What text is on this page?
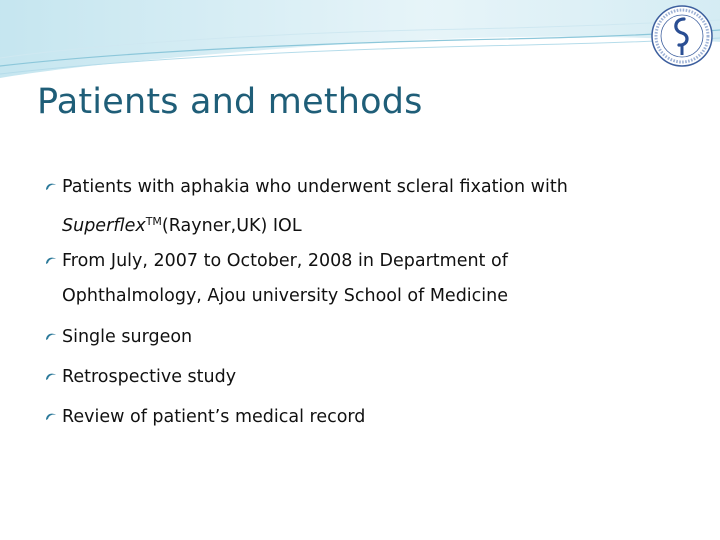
Patients and methods
Patients with aphakia who underwent scleral fixation with
Superflex™(Rayner,UK) IOL
From July, 2007 to October, 2008 in Department of
Ophthalmology, Ajou university School of Medicine
Single surgeon
Retrospective study
Review of patient’s medical record
